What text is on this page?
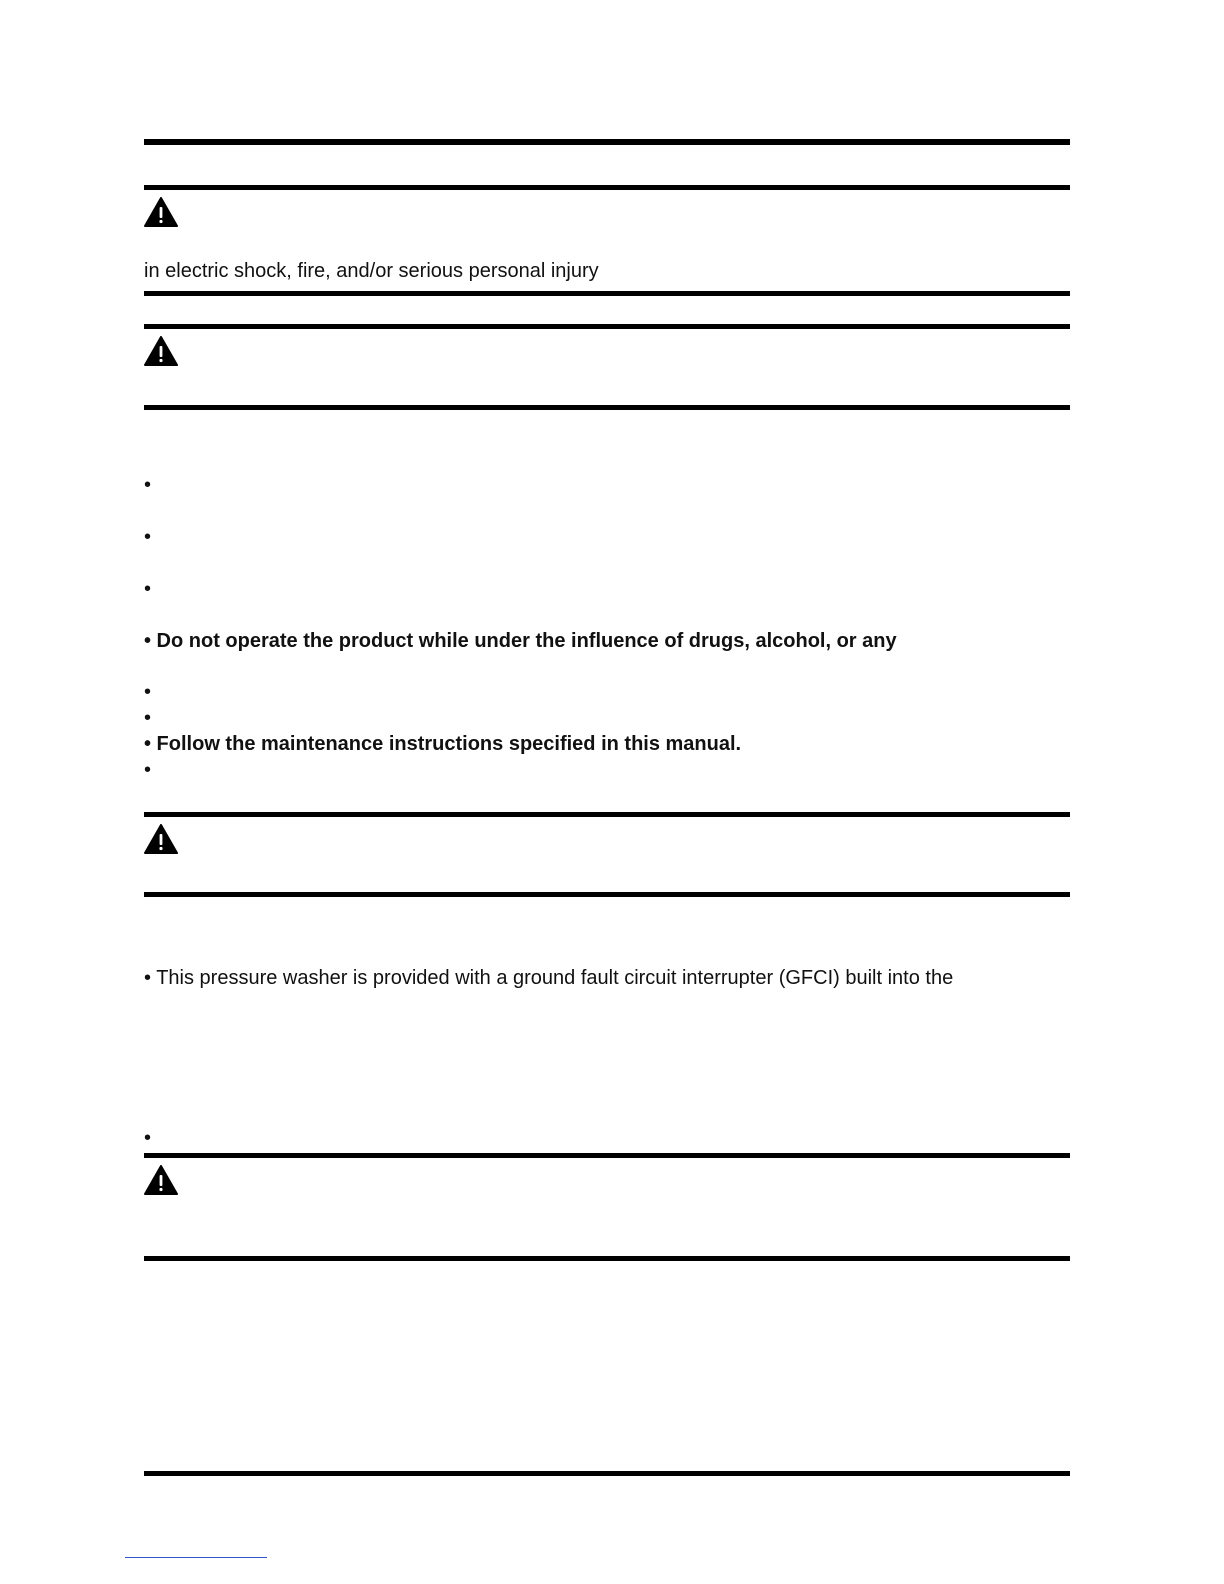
in electric shock, fire, and/or serious personal injury
•
•
•
• Do not operate the product while under the influence of drugs, alcohol, or any
•
•
• Follow the maintenance instructions specified in this manual.
•
• This pressure washer is provided with a ground fault circuit interrupter (GFCI) built into the
•
